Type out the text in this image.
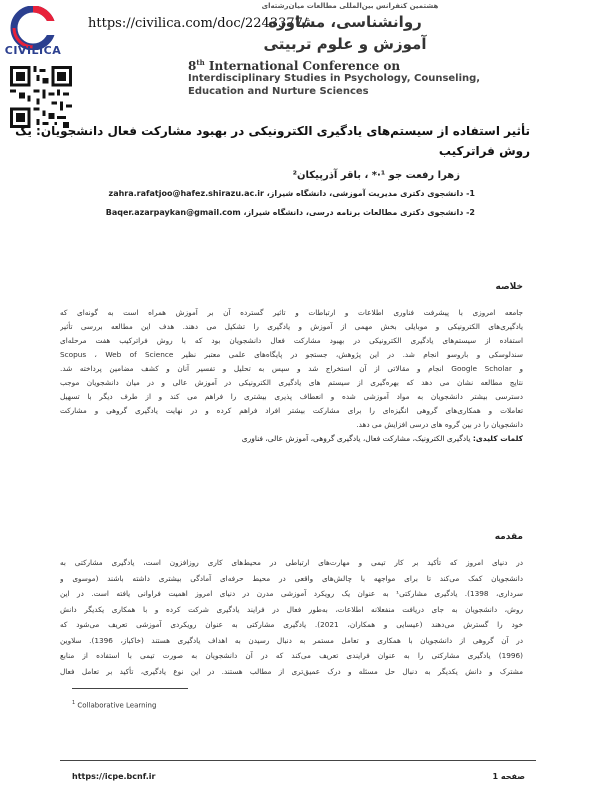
CIVILICA
https://civilica.com/doc/2243377/
هشتمین کنفرانس بین‌المللی مطالعات میان‌رشته‌ای
روانشناسی، مشاوره
آموزش و علوم تربیتی
8th International Conference on
Interdisciplinary Studies in Psychology, Counseling,
Education and Nurture Sciences
تأثیر استفاده از سیستم‌های یادگیری الکترونیکی در بهبود مشارکت فعال دانشجویان: یک
روش فراترکیب
زهرا رفعت جو ¹·* ، باقر آذرپیکان²
1- دانشجوی دکتری مدیریت آموزشی، دانشگاه شیراز، zahra.rafatjoo@hafez.shirazu.ac.ir
2- دانشجوی دکتری مطالعات برنامه درسی، دانشگاه شیراز، Baqer.azarpaykan@gmail.com
خلاصه
جامعه امروزی با پیشرفت فناوری اطلاعات و ارتباطات و تاثیر گسترده آن بر آموزش همراه است به گونه‌ای که
یادگیری‌های الکترونیکی و موبایلی بخش مهمی از آموزش و یادگیری را تشکیل می دهند. هدف این مطالعه بررسی تأثیر
استفاده از سیستم‌های یادگیری الکترونیکی در بهبود مشارکت فعال دانشجویان بود که با روش فراترکیب هفت مرحله‌ای
سندلوسکی و باروسو انجام شد. در این پژوهش، جستجو در پایگاه‌های علمی معتبر نظیر Scopus ، Web of Science
و Google Scholar انجام و مقالاتی از آن استخراج شد و سپس به تحلیل و تفسیر آنان و کشف مضامین پرداخته شد.
نتایج مطالعه نشان می دهد که بهره‌گیری از سیستم های یادگیری الکترونیکی در آموزش عالی و در میان دانشجویان موجب
دسترسی بیشتر دانشجویان به مواد آموزشی شده و انعطاف پذیری بیشتری را فراهم می کند و از طرف دیگر با تسهیل
تعاملات و همکاری‌های گروهی انگیزه‌ای را برای مشارکت بیشتر افراد فراهم کرده و در نهایت یادگیری گروهی و مشارکت
دانشجویان را در بین گروه های درسی افزایش می دهد.
کلمات کلیدی: یادگیری الکترونیک، مشارکت فعال، یادگیری گروهی، آموزش عالی، فناوری
مقدمه
در دنیای امروز که تأکید بر کار تیمی و مهارت‌های ارتباطی در محیط‌های کاری روزافزون است، یادگیری مشارکتی به
دانشجویان کمک می‌کند تا برای مواجهه با چالش‌های واقعی در محیط حرفه‌ای آمادگی بیشتری داشته باشند (موسوی و
سرداری، 1398). یادگیری مشارکتی¹ به عنوان یک رویکرد آموزشی مدرن در دنیای امروز اهمیت فراوانی یافته است. در این
روش، دانشجویان به جای دریافت منفعلانه اطلاعات، به‌طور فعال در فرایند یادگیری شرکت کرده و با همکاری یکدیگر دانش
خود را گسترش می‌دهند (عیسایی و همکاران، 2021). یادگیری مشارکتی به عنوان رویکردی آموزشی تعریف می‌شود که
در آن گروهی از دانشجویان با همکاری و تعامل مستمر به دنبال رسیدن به اهداف یادگیری هستند (خاکباز، 1396). سلاوین
(1996) یادگیری مشارکتی را به عنوان فرایندی تعریف می‌کند که در آن دانشجویان به صورت تیمی با استفاده از منابع
مشترک و دانش یکدیگر به دنبال حل مسئله و درک عمیق‌تری از مطالب هستند. در این نوع یادگیری، تأکید بر تعامل فعال
$^1$ Collaborative Learning
https://icpe.bcnf.ir	صفحه 1
